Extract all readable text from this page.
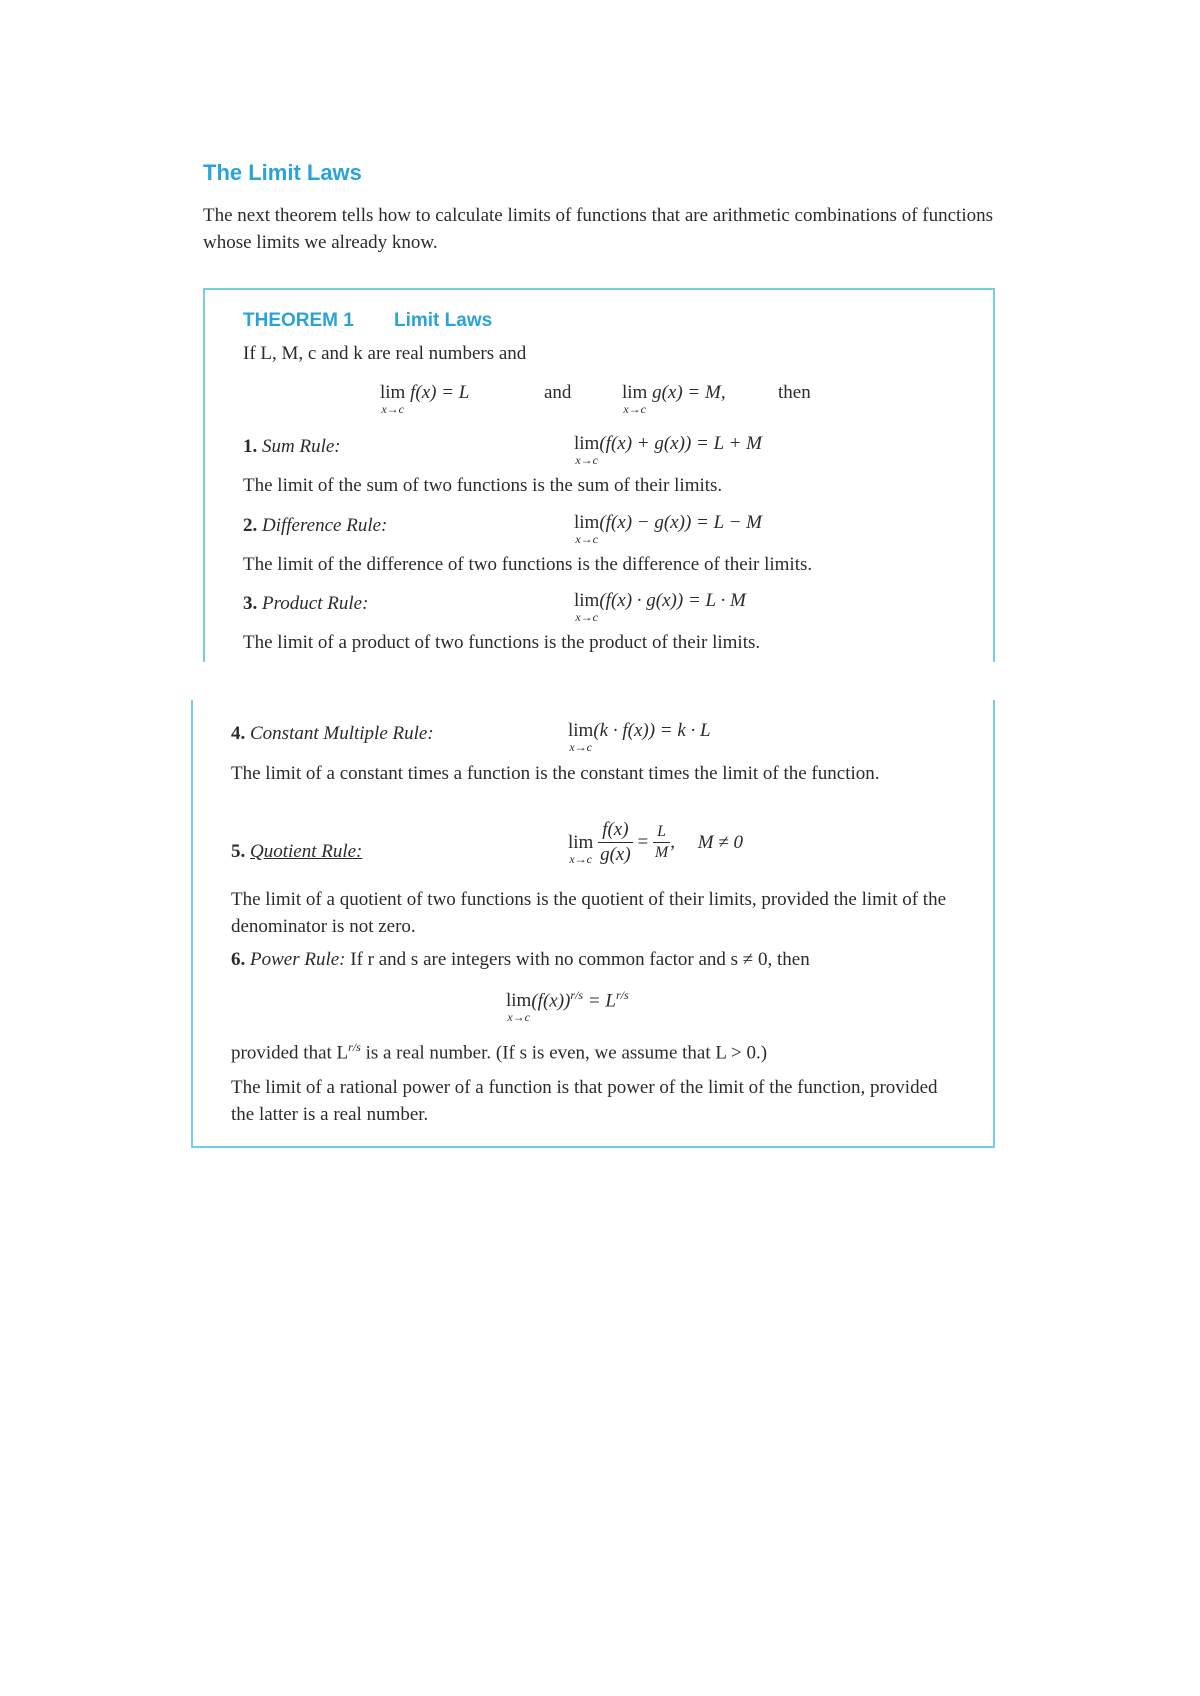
The Limit Laws
The next theorem tells how to calculate limits of functions that are arithmetic combinations of functions whose limits we already know.
THEOREM 1 Limit Laws
If L, M, c and k are real numbers and
lim
x→c
f(x) = L	and	lim
x→c
g(x) = M,	then
1. Sum Rule:	lim
x→c
(f(x) + g(x)) = L + M
The limit of the sum of two functions is the sum of their limits.
2. Difference Rule:	lim
x→c
(f(x) − g(x)) = L − M
The limit of the difference of two functions is the difference of their limits.
3. Product Rule:	lim
x→c
(f(x) · g(x)) = L · M
The limit of a product of two functions is the product of their limits.
4. Constant Multiple Rule:	lim
x→c
(k · f(x)) = k · L
The limit of a constant times a function is the constant times the limit of the function.
5. Quotient Rule:	lim
x→c
$\frac{f(x)}{g(x)} = \frac{L}{M}$ , M ≠ 0
The limit of a quotient of two functions is the quotient of their limits, provided the limit of the denominator is not zero.
6. Power Rule: If r and s are integers with no common factor and s ≠ 0, then
lim
x→c
$(f(x))^{r/s} = L^{r/s}$
provided that $L^{r/s}$ is a real number. (If s is even, we assume that L > 0.)
The limit of a rational power of a function is that power of the limit of the function, provided the latter is a real number.
